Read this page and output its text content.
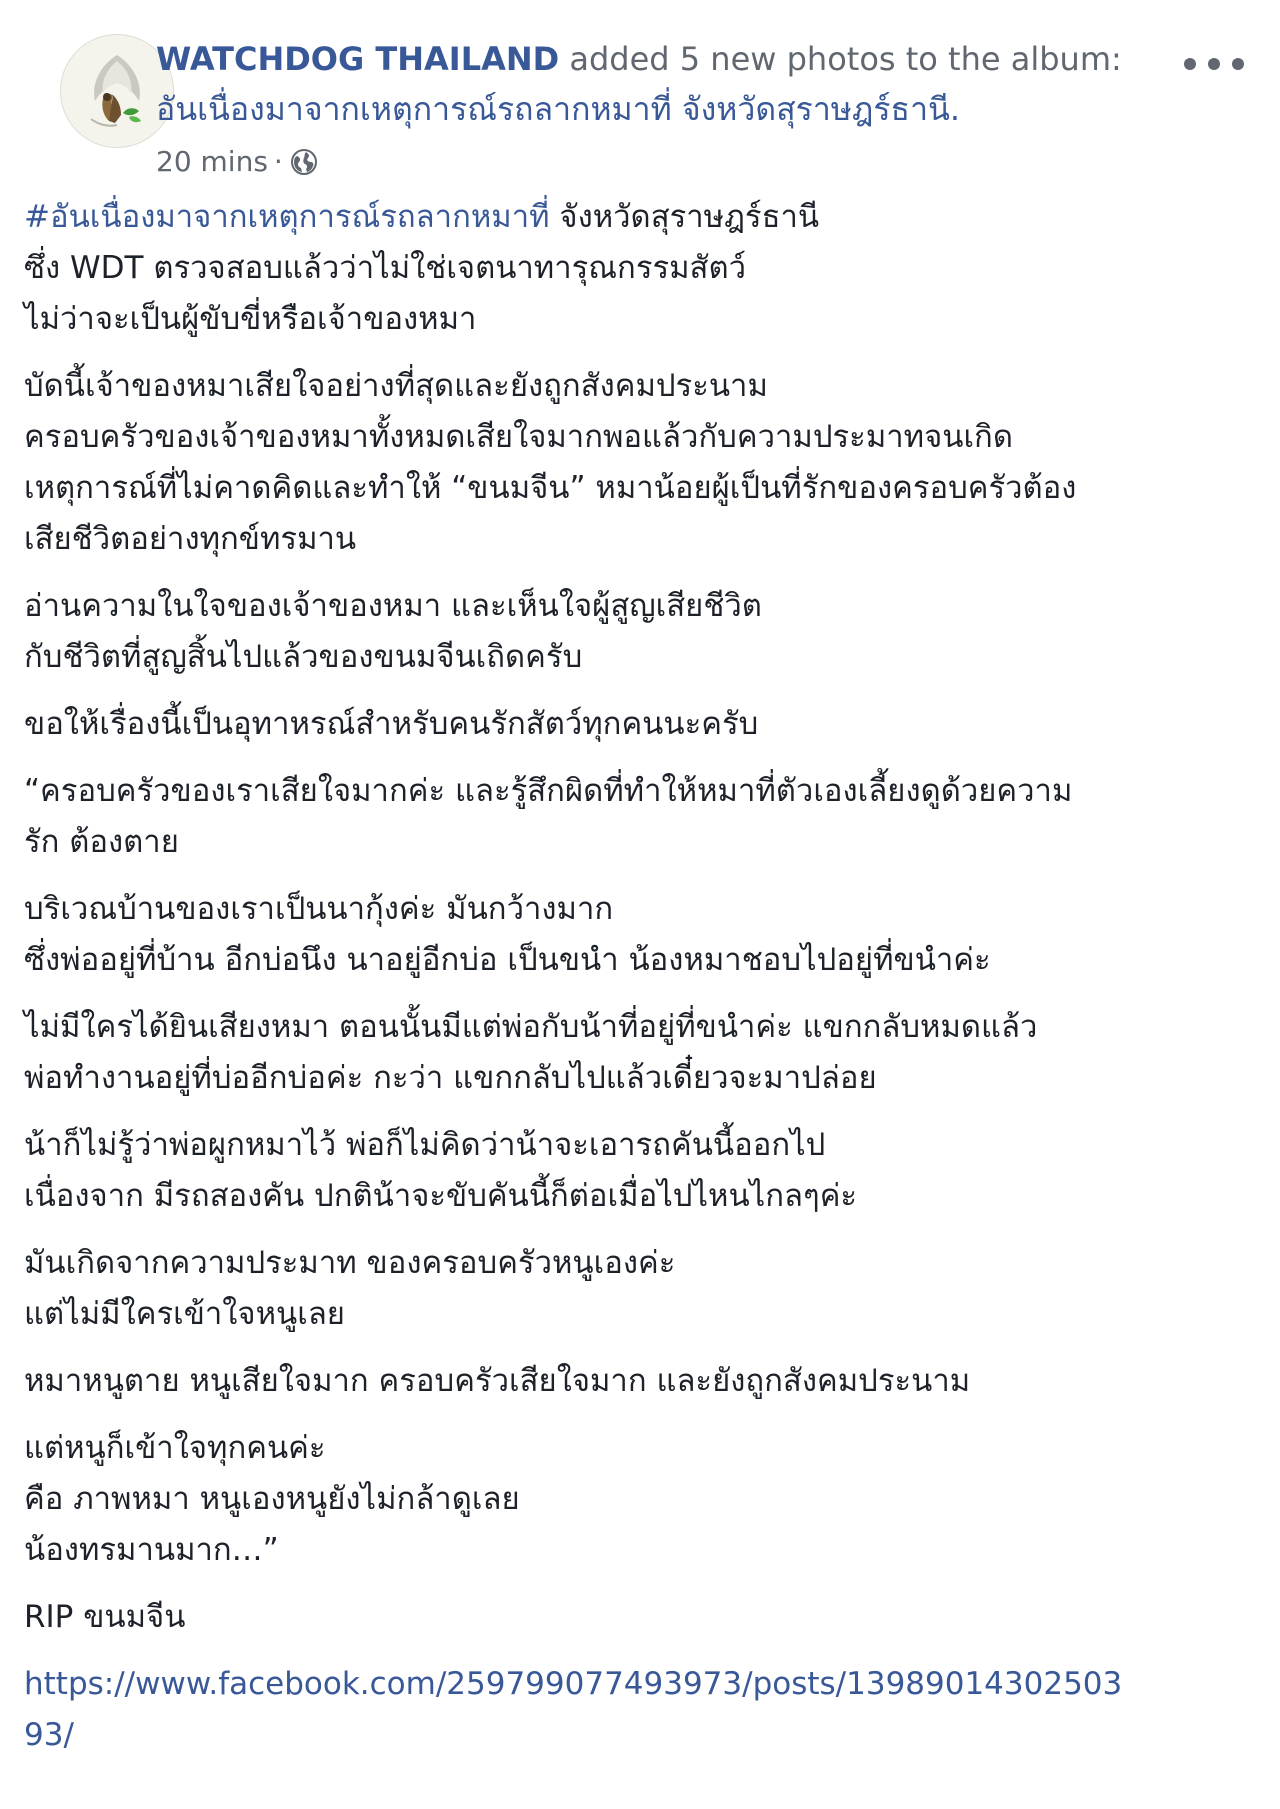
WATCHDOG THAILAND added 5 new photos to the album:
อันเนื่องมาจากเหตุการณ์รถลากหมาที่ จังหวัดสุราษฎร์ธานี.
20 mins ·

#อันเนื่องมาจากเหตุการณ์รถลากหมาที่ จังหวัดสุราษฎร์ธานี
ซึ่ง WDT ตรวจสอบแล้วว่าไม่ใช่เจตนาทารุณกรรมสัตว์
ไม่ว่าจะเป็นผู้ขับขี่หรือเจ้าของหมา

บัดนี้เจ้าของหมาเสียใจอย่างที่สุดและยังถูกสังคมประนาม
ครอบครัวของเจ้าของหมาทั้งหมดเสียใจมากพอแล้วกับความประมาทจนเกิด
เหตุการณ์ที่ไม่คาดคิดและทำให้ “ขนมจีน” หมาน้อยผู้เป็นที่รักของครอบครัวต้อง
เสียชีวิตอย่างทุกข์ทรมาน

อ่านความในใจของเจ้าของหมา และเห็นใจผู้สูญเสียชีวิต
กับชีวิตที่สูญสิ้นไปแล้วของขนมจีนเถิดครับ

ขอให้เรื่องนี้เป็นอุทาหรณ์สำหรับคนรักสัตว์ทุกคนนะครับ

“ครอบครัวของเราเสียใจมากค่ะ และรู้สึกผิดที่ทำให้หมาที่ตัวเองเลี้ยงดูด้วยความ
รัก ต้องตาย

บริเวณบ้านของเราเป็นนากุ้งค่ะ มันกว้างมาก
ซึ่งพ่ออยู่ที่บ้าน อีกบ่อนึง นาอยู่อีกบ่อ เป็นขนำ น้องหมาชอบไปอยู่ที่ขนำค่ะ

ไม่มีใครได้ยินเสียงหมา ตอนนั้นมีแต่พ่อกับน้าที่อยู่ที่ขนำค่ะ แขกกลับหมดแล้ว
พ่อทำงานอยู่ที่บ่ออีกบ่อค่ะ กะว่า แขกกลับไปแล้วเดี๋ยวจะมาปล่อย

น้าก็ไม่รู้ว่าพ่อผูกหมาไว้ พ่อก็ไม่คิดว่าน้าจะเอารถคันนี้ออกไป
เนื่องจาก มีรถสองคัน ปกติน้าจะขับคันนี้ก็ต่อเมื่อไปไหนไกลๆค่ะ

มันเกิดจากความประมาท ของครอบครัวหนูเองค่ะ
แต่ไม่มีใครเข้าใจหนูเลย

หมาหนูตาย หนูเสียใจมาก ครอบครัวเสียใจมาก และยังถูกสังคมประนาม

แต่หนูก็เข้าใจทุกคนค่ะ
คือ ภาพหมา หนูเองหนูยังไม่กล้าดูเลย
น้องทรมานมาก…”

RIP ขนมจีน

https://www.facebook.com/259799077493973/posts/13989014302503
93/
